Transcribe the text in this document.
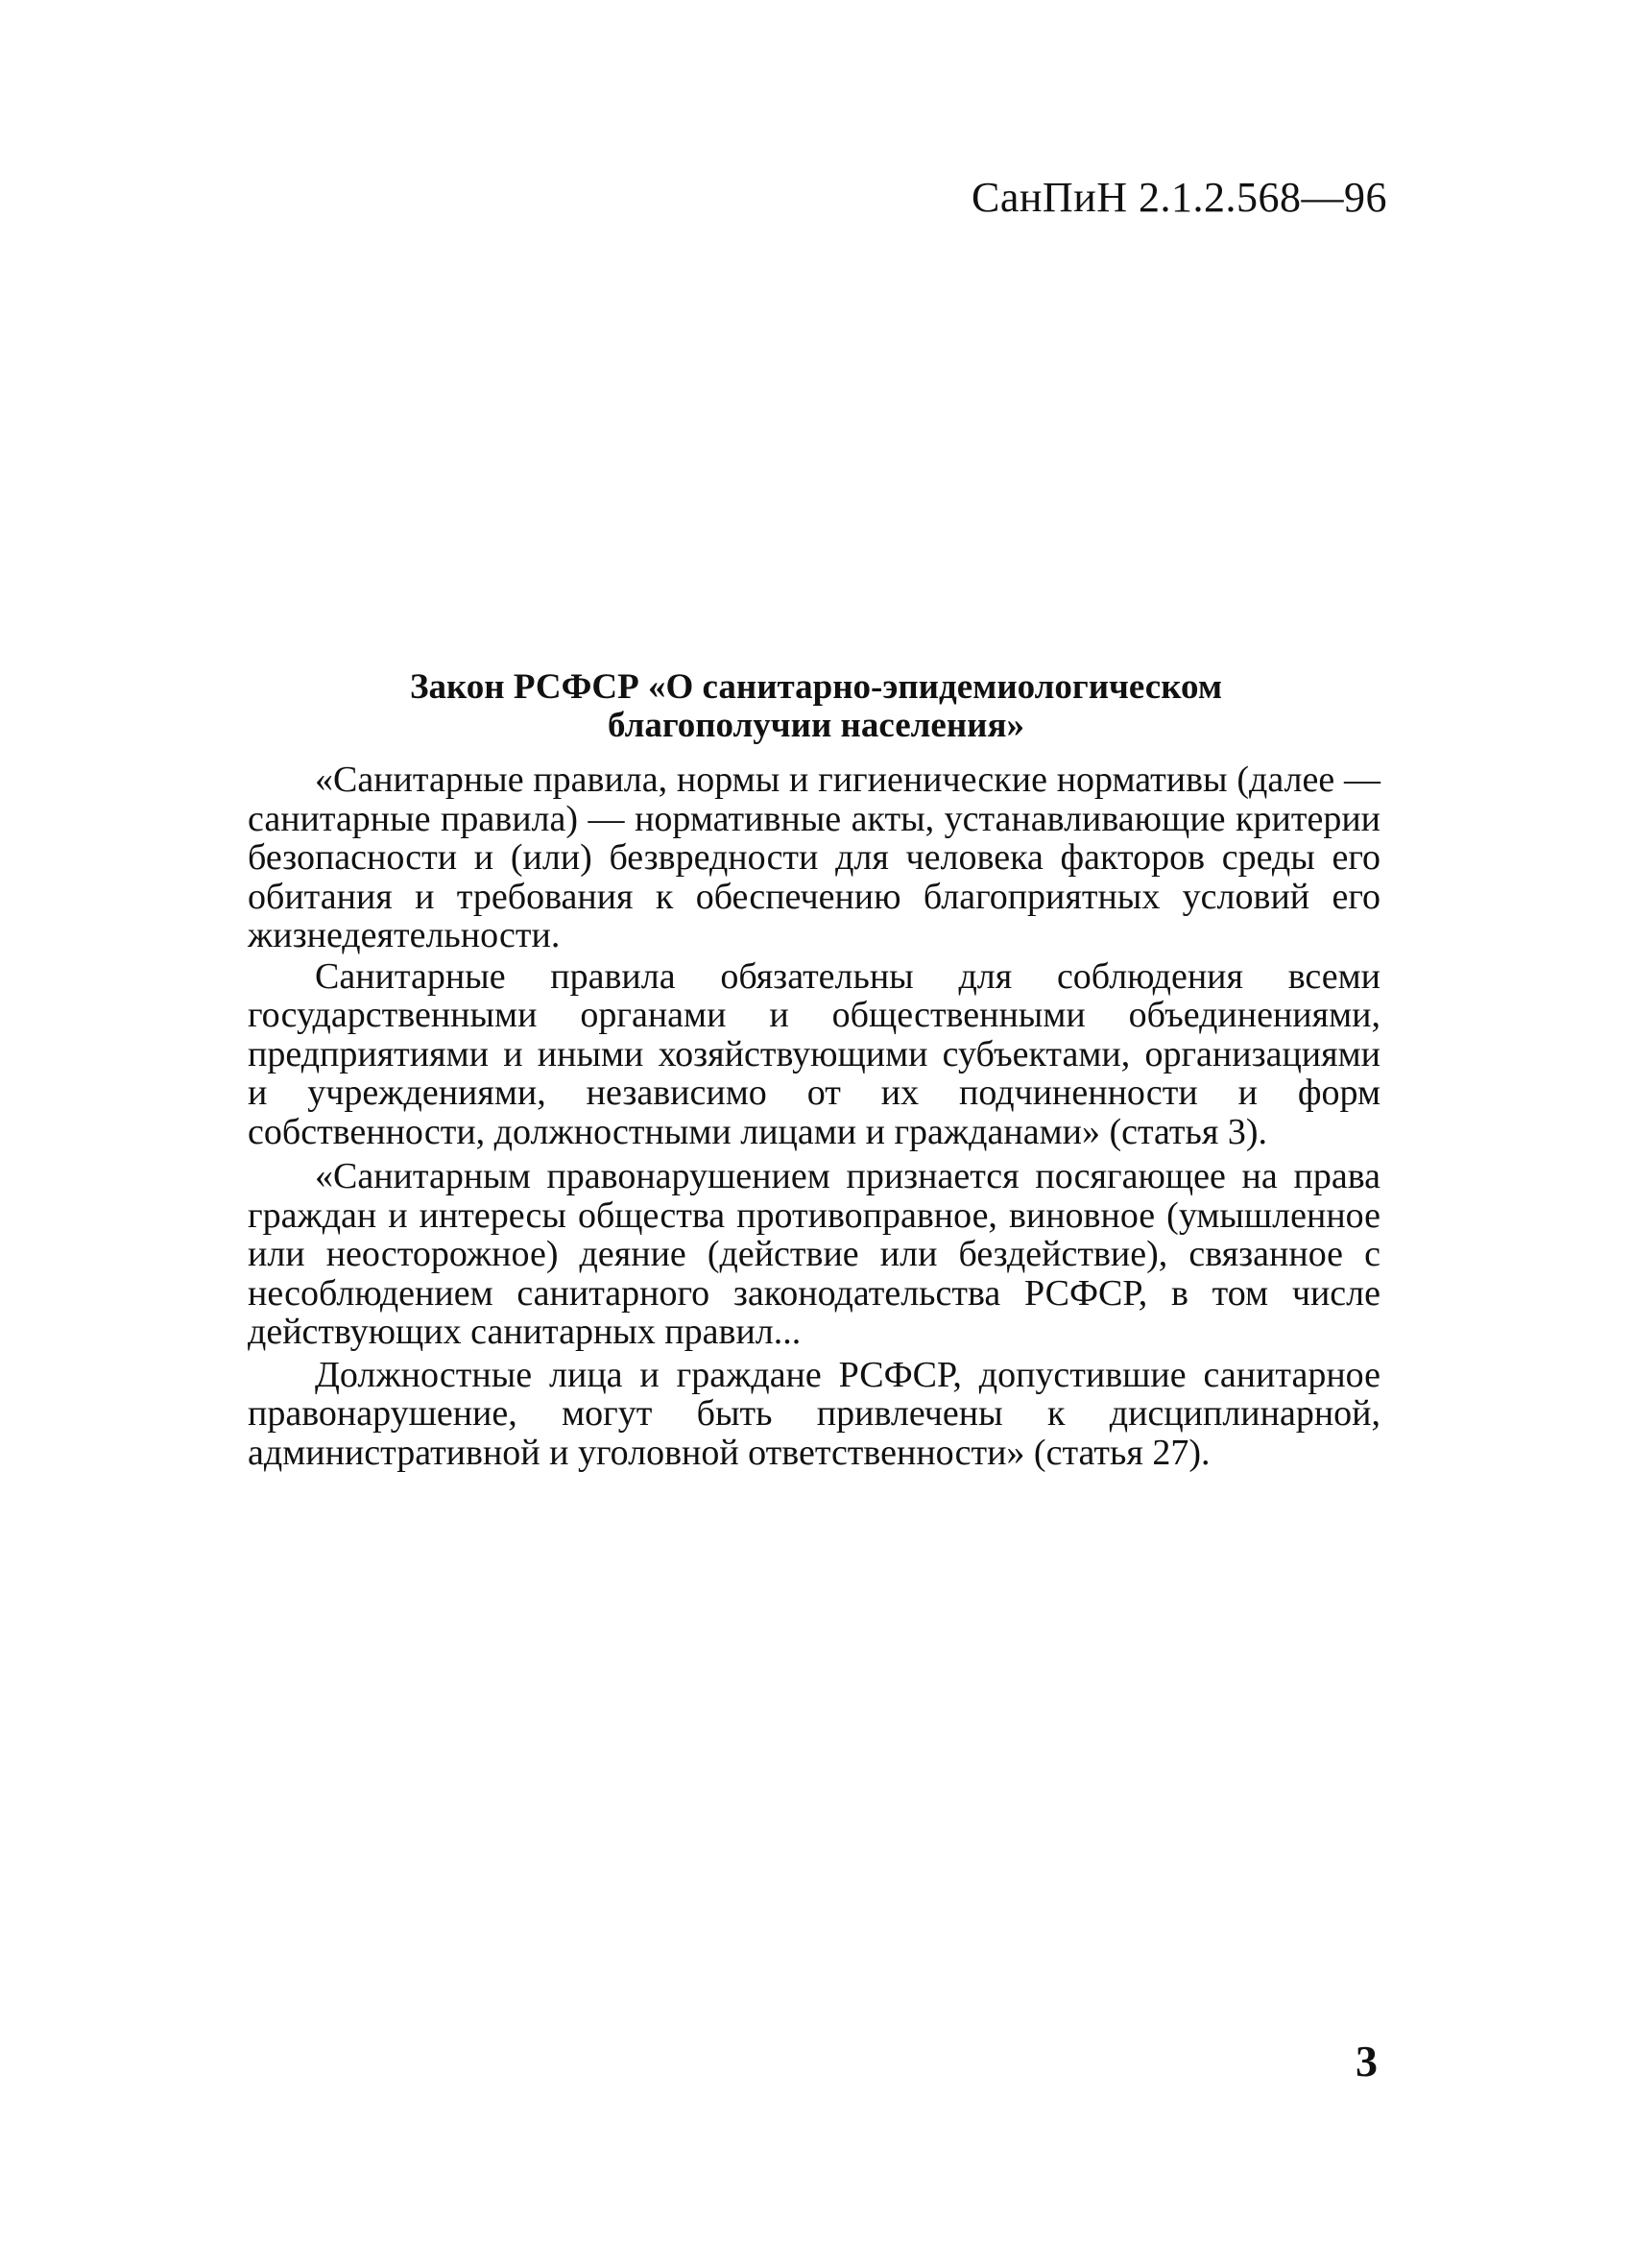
СанПиН 2.1.2.568—96
Закон РСФСР «О санитарно-эпидемиологическом
благополучии населения»

«Санитарные правила, нормы и гигиенические нормативы (далее — санитарные правила) — нормативные акты, устанавливающие критерии безопасности и (или) безвредности для человека факторов среды его обитания и требования к обеспечению благоприятных условий его жизнедеятельности.

Санитарные правила обязательны для соблюдения всеми государственными органами и общественными объединениями, предприятиями и иными хозяйствующими субъектами, организациями и учреждениями, независимо от их подчиненности и форм собственности, должностными лицами и гражданами» (статья 3).

«Санитарным правонарушением признается посягающее на права граждан и интересы общества противоправное, виновное (умышленное или неосторожное) деяние (действие или бездействие), связанное с несоблюдением санитарного законодательства РСФСР, в том числе действующих санитарных правил...

Должностные лица и граждане РСФСР, допустившие санитарное правонарушение, могут быть привлечены к дисциплинарной, административной и уголовной ответственности» (статья 27).

3
